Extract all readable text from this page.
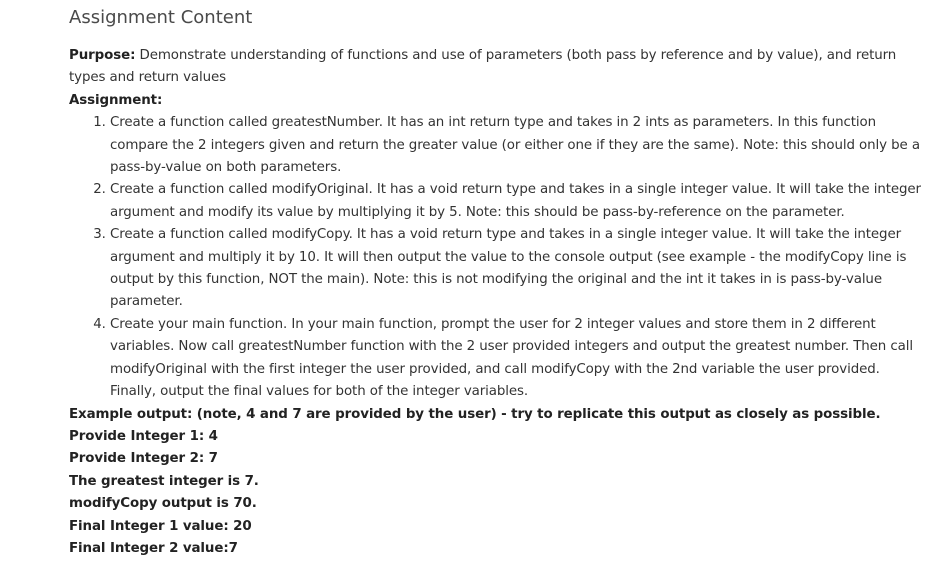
Assignment Content

Purpose: Demonstrate understanding of functions and use of parameters (both pass by reference and by value), and return types and return values

Assignment:

1. Create a function called greatestNumber. It has an int return type and takes in 2 ints as parameters. In this function compare the 2 integers given and return the greater value (or either one if they are the same). Note: this should only be a pass-by-value on both parameters.
2. Create a function called modifyOriginal. It has a void return type and takes in a single integer value. It will take the integer argument and modify its value by multiplying it by 5. Note: this should be pass-by-reference on the parameter.
3. Create a function called modifyCopy. It has a void return type and takes in a single integer value. It will take the integer argument and multiply it by 10. It will then output the value to the console output (see example - the modifyCopy line is output by this function, NOT the main). Note: this is not modifying the original and the int it takes in is pass-by-value parameter.
4. Create your main function. In your main function, prompt the user for 2 integer values and store them in 2 different variables. Now call greatestNumber function with the 2 user provided integers and output the greatest number. Then call modifyOriginal with the first integer the user provided, and call modifyCopy with the 2nd variable the user provided. Finally, output the final values for both of the integer variables.

Example output: (note, 4 and 7 are provided by the user) - try to replicate this output as closely as possible.

Provide Integer 1: 4

Provide Integer 2: 7

The greatest integer is 7.

modifyCopy output is 70.

Final Integer 1 value: 20

Final Integer 2 value:7
